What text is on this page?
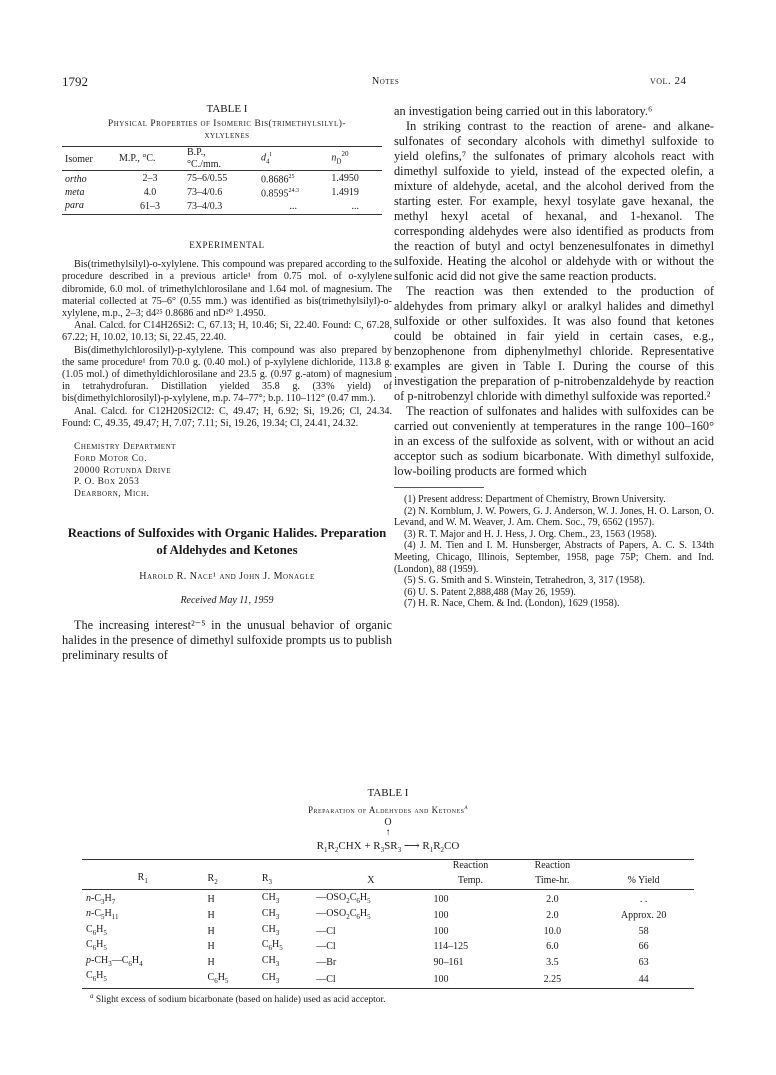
1792	Notes	vol. 24
TABLE I
Physical Properties of Isomeric Bis(trimethylsilyl)-
xylylenes
Isomer	M.P., °C.	B.P.,	$d_4^t$	$n_D^{20}$
		°C./mm.		
ortho	2–3	75–6/0.55	0.8686$^{25}$	1.4950
meta	4.0	73–4/0.6	$0.8595^{24.3}$	1.4919
para	61–3	73–4/0.3	...	...
EXPERIMENTAL

Bis(trimethylsilyl)-o-xylylene. This compound was prepared according to the procedure described in a previous article¹ from 0.75 mol. of o-xylylene dibromide, 6.0 mol. of trimethylchlorosilane and 1.64 mol. of magnesium. The material collected at 75–6° (0.55 mm.) was identified as bis(trimethylsilyl)-o-xylylene, m.p., 2–3; d4²⁵ 0.8686 and nD²⁰ 1.4950.

Anal. Calcd. for C14H26Si2: C, 67.13; H, 10.46; Si, 22.40. Found: C, 67.28, 67.22; H, 10.02, 10.13; Si, 22.45, 22.40.

Bis(dimethylchlorosilyl)-p-xylylene. This compound was also prepared by the same procedure¹ from 70.0 g. (0.40 mol.) of p-xylylene dichloride, 113.8 g. (1.05 mol.) of dimethyldichlorosilane and 23.5 g. (0.97 g.-atom) of magnesium in tetrahydrofuran. Distillation yielded 35.8 g. (33% yield) of bis(dimethylchlorosilyl)-p-xylylene, m.p. 74–77°; b.p. 110–112° (0.47 mm.).

Anal. Calcd. for C12H20Si2Cl2: C, 49.47; H, 6.92; Si, 19.26; Cl, 24.34. Found: C, 49.35, 49.47; H, 7.07; 7.11; Si, 19.26, 19.34; Cl, 24.41, 24.32.

Chemistry Department
Ford Motor Co.
20000 Rotunda Drive
P. O. Box 2053
Dearborn, Mich.
Reactions of Sulfoxides with Organic Halides. Preparation of Aldehydes and Ketones
Harold R. Nace¹ and John J. Monagle
Received May 11, 1959

The increasing interest²⁻⁵ in the unusual behavior of organic halides in the presence of dimethyl sulfoxide prompts us to publish preliminary results of

an investigation being carried out in this laboratory.⁶

In striking contrast to the reaction of arene- and alkane-sulfonates of secondary alcohols with dimethyl sulfoxide to yield olefins,⁷ the sulfonates of primary alcohols react with dimethyl sulfoxide to yield, instead of the expected olefin, a mixture of aldehyde, acetal, and the alcohol derived from the starting ester. For example, hexyl tosylate gave hexanal, the methyl hexyl acetal of hexanal, and 1-hexanol. The corresponding aldehydes were also identified as products from the reaction of butyl and octyl benzenesulfonates in dimethyl sulfoxide. Heating the alcohol or aldehyde with or without the sulfonic acid did not give the same reaction products.

The reaction was then extended to the production of aldehydes from primary alkyl or aralkyl halides and dimethyl sulfoxide or other sulfoxides. It was also found that ketones could be obtained in fair yield in certain cases, e.g., benzophenone from diphenylmethyl chloride. Representative examples are given in Table I. During the course of this investigation the preparation of p-nitrobenzaldehyde by reaction of p-nitrobenzyl chloride with dimethyl sulfoxide was reported.²

The reaction of sulfonates and halides with sulfoxides can be carried out conveniently at temperatures in the range 100–160° in an excess of the sulfoxide as solvent, with or without an acid acceptor such as sodium bicarbonate. With dimethyl sulfoxide, low-boiling products are formed which

(1) Present address: Department of Chemistry, Brown University.

(2) N. Kornblum, J. W. Powers, G. J. Anderson, W. J. Jones, H. O. Larson, O. Levand, and W. M. Weaver, J. Am. Chem. Soc., 79, 6562 (1957).

(3) R. T. Major and H. J. Hess, J. Org. Chem., 23, 1563 (1958).

(4) J. M. Tien and I. M. Hunsberger, Abstracts of Papers, A. C. S. 134th Meeting, Chicago, Illinois, September, 1958, page 75P; Chem. and Ind. (London), 88 (1959).

(5) S. G. Smith and S. Winstein, Tetrahedron, 3, 317 (1958).

(6) U. S. Patent 2,888,488 (May 26, 1959).

(7) H. R. Nace, Chem. & Ind. (London), 1629 (1958).

TABLE I
Preparation of Aldehydes and Ketones$^a$
O
↑
$R_1R_2CHX + R_3SR_3$ ⟶ $R_1R_2CO$
				Reaction	Reaction	
$R_1$	$R_2$	$R_3$	X	Temp.	Time-hr.	% Yield
$n-C_3H_7$	H	$CH_3$	$—OSO_2C_6H_5$	100	2.0	. .
$n-C_5H_{11}$	H	$CH_3$	$—OSO_2C_6H_5$	100	2.0	Approx. 20
$C_6H_5$	H	$CH_3$	—Cl	100	10.0	58
$C_6H_5$	H	$C_6H_5$	—Cl	114–125	6.0	66
$p-CH_3—C_6H_4$	H	$CH_3$	—Br	90–161	3.5	63
$C_6H_5$	$C_6H_5$	$CH_3$	—Cl	100	2.25	44
$^a$ Slight excess of sodium bicarbonate (based on halide) used as acid acceptor.
